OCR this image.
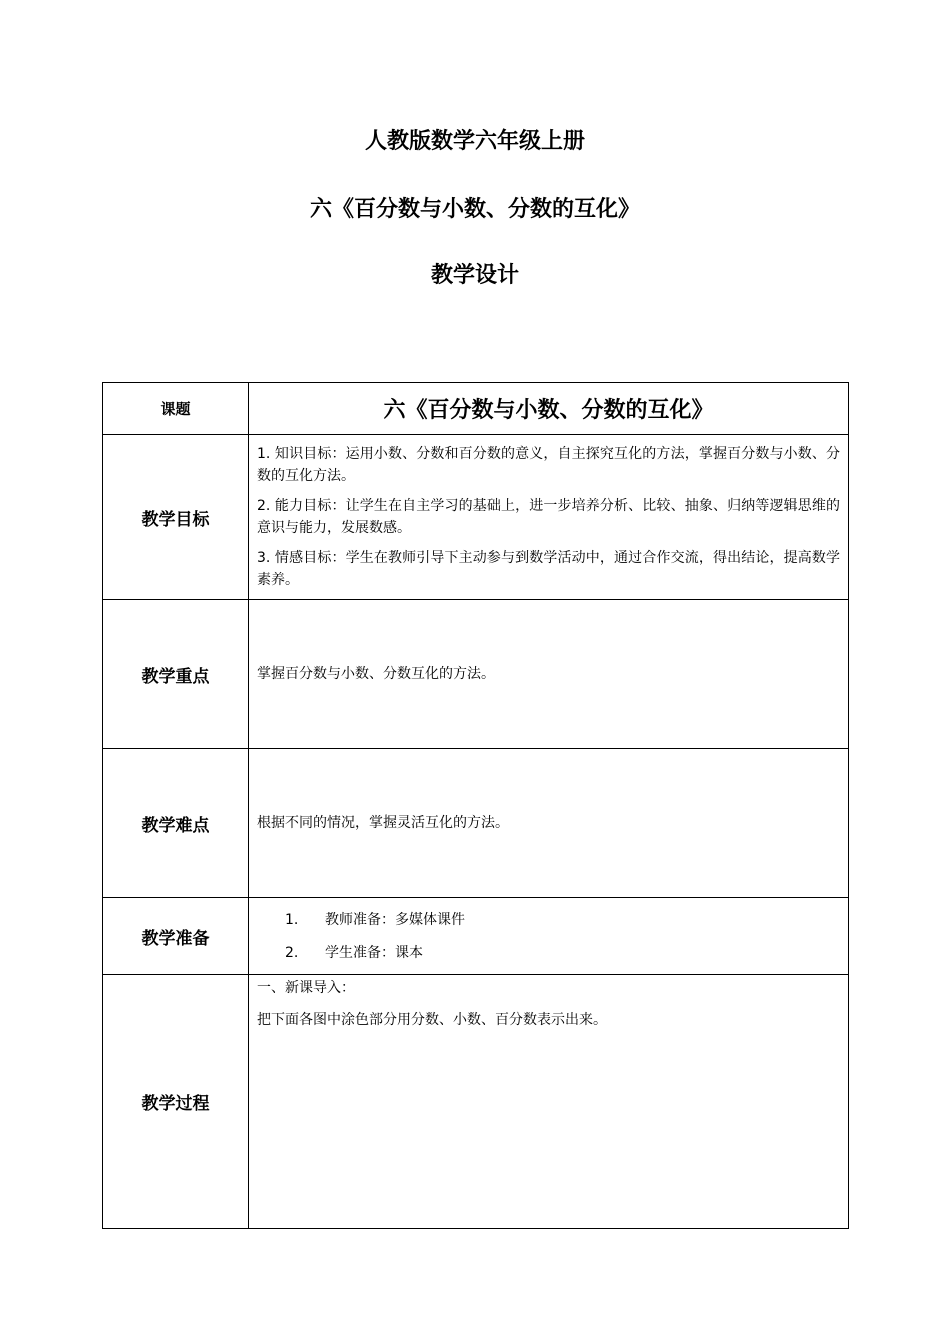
人教版数学六年级上册
六《百分数与小数、分数的互化》
教学设计
课题	六《百分数与小数、分数的互化》
教学目标	1. 知识目标：运用小数、分数和百分数的意义，自主探究互化的方法，掌握百分数与小数、分数的互化方法。

2. 能力目标：让学生在自主学习的基础上，进一步培养分析、比较、抽象、归纳等逻辑思维的意识与能力，发展数感。

3. 情感目标：学生在教师引导下主动参与到数学活动中，通过合作交流，得出结论，提高数学素养。

教学重点	掌握百分数与小数、分数互化的方法。
教学难点	根据不同的情况，掌握灵活互化的方法。
教学准备	1. 教师准备：多媒体课件
2. 学生准备：课本

教学过程	一、新课导入：
把下面各图中涂色部分用分数、小数、百分数表示出来。
